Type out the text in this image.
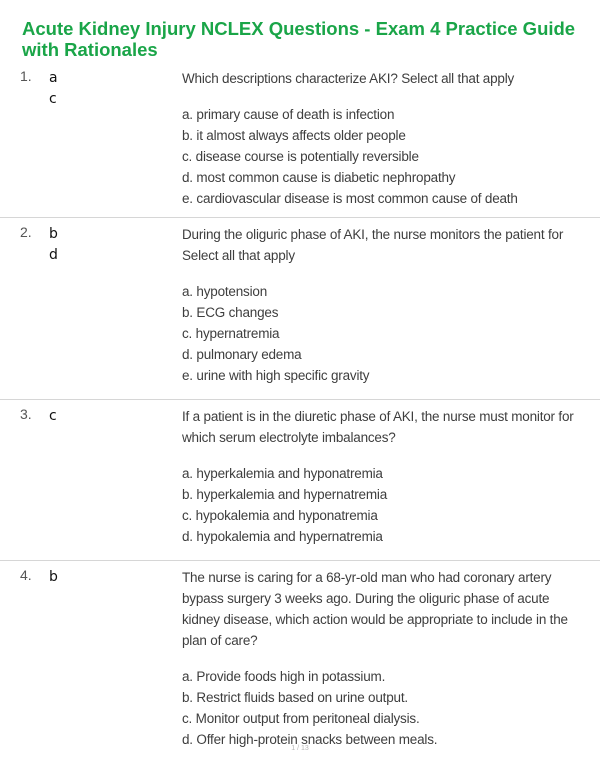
Acute Kidney Injury NCLEX Questions - Exam 4 Practice Guide with Rationales
1. a
c
Which descriptions characterize AKI? Select all that apply
a. primary cause of death is infection
b. it almost always affects older people
c. disease course is potentially reversible
d. most common cause is diabetic nephropathy
e. cardiovascular disease is most common cause of death
2. b
d
During the oliguric phase of AKI, the nurse monitors the patient for Select all that apply
a. hypotension
b. ECG changes
c. hypernatremia
d. pulmonary edema
e. urine with high specific gravity
3. c	If a patient is in the diuretic phase of AKI, the nurse must monitor for which serum electrolyte imbalances?
a. hyperkalemia and hyponatremia
b. hyperkalemia and hypernatremia
c. hypokalemia and hyponatremia
d. hypokalemia and hypernatremia
4. b	The nurse is caring for a 68-yr-old man who had coronary artery bypass surgery 3 weeks ago. During the oliguric phase of acute kidney disease, which action would be appropriate to include in the plan of care?
a. Provide foods high in potassium.
b. Restrict fluids based on urine output.
c. Monitor output from peritoneal dialysis.
d. Offer high-protein snacks between meals.
1 / 13
